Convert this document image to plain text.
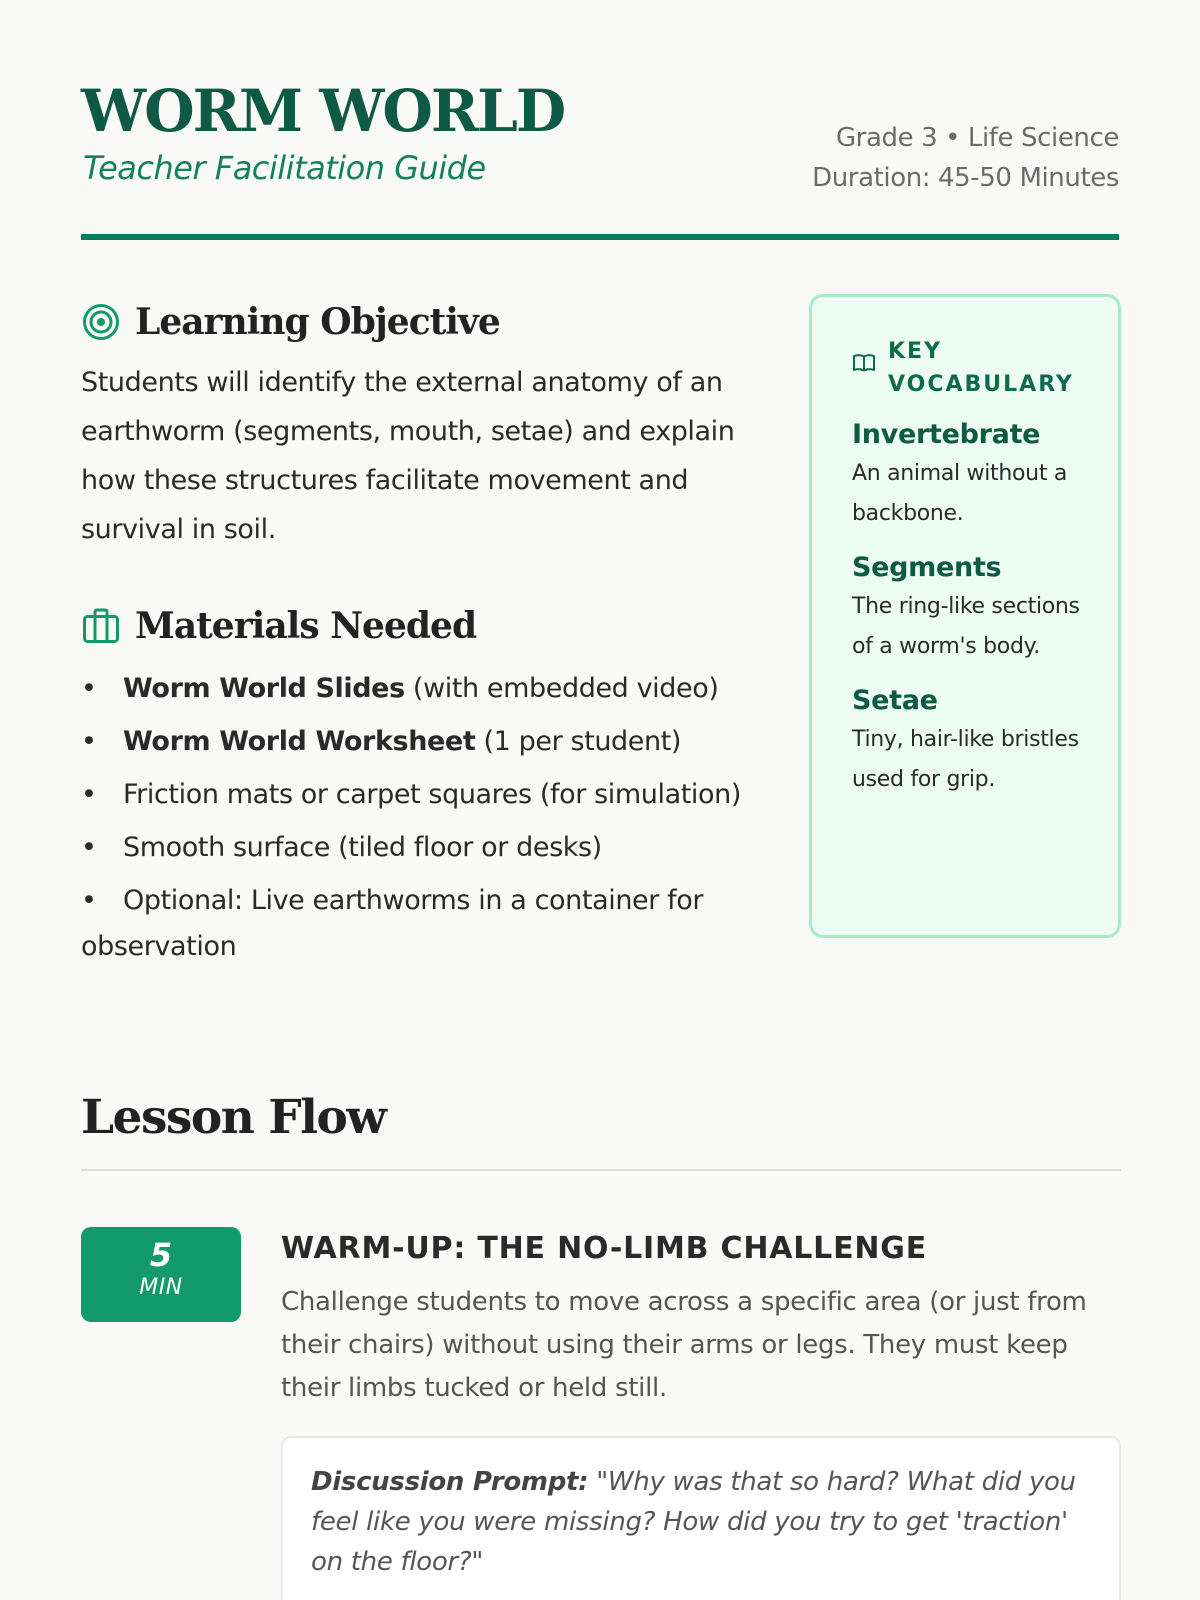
WORM WORLD
Teacher Facilitation Guide
Grade 3 • Life Science
Duration: 45-50 Minutes
Learning Objective
Students will identify the external anatomy of an earthworm (segments, mouth, setae) and explain how these structures facilitate movement and survival in soil.
Materials Needed
• Worm World Slides (with embedded video)
• Worm World Worksheet (1 per student)
• Friction mats or carpet squares (for simulation)
• Smooth surface (tiled floor or desks)
• Optional: Live earthworms in a container for observation
KEY VOCABULARY
Invertebrate
An animal without a backbone.
Segments
The ring-like sections of a worm's body.
Setae
Tiny, hair-like bristles used for grip.
Lesson Flow
5
MIN
WARM-UP: THE NO-LIMB CHALLENGE
Challenge students to move across a specific area (or just from their chairs) without using their arms or legs. They must keep their limbs tucked or held still.
Discussion Prompt: "Why was that so hard? What did you feel like you were missing? How did you try to get 'traction' on the floor?"
